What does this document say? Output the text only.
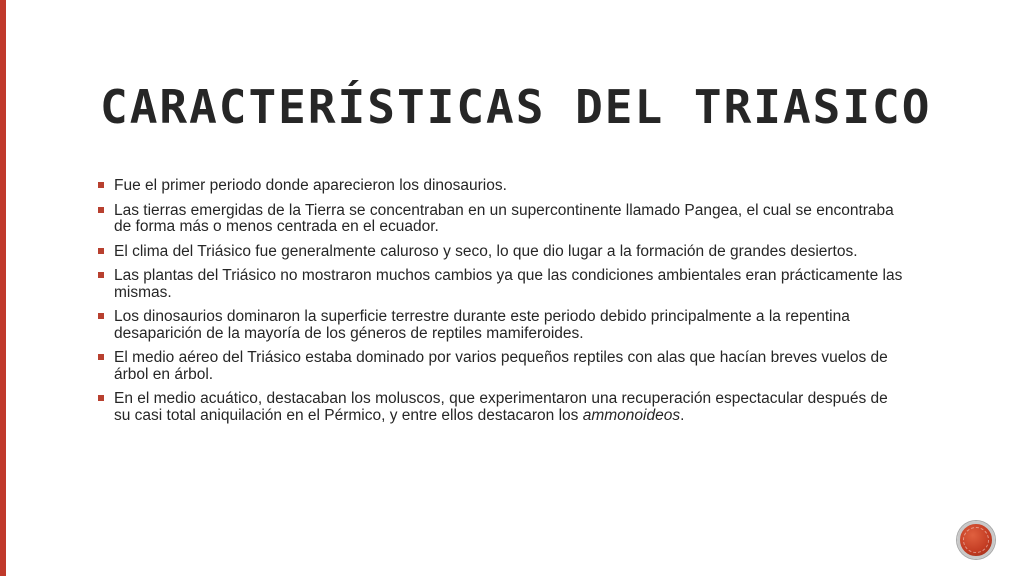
CARACTERÍSTICAS DEL TRIASICO
Fue el primer periodo donde aparecieron los dinosaurios.
Las tierras emergidas de la Tierra se concentraban en un supercontinente llamado Pangea, el cual se encontraba de forma más o menos centrada en el ecuador.
El clima del Triásico fue generalmente caluroso y seco, lo que dio lugar a la formación de grandes desiertos.
Las plantas del Triásico no mostraron muchos cambios ya que las condiciones ambientales eran prácticamente las mismas.
Los dinosaurios dominaron la superficie terrestre durante este periodo debido principalmente a la repentina desaparición de la mayoría de los géneros de reptiles mamiferoides.
El medio aéreo del Triásico estaba dominado por varios pequeños reptiles con alas que hacían breves vuelos de árbol en árbol.
En el medio acuático, destacaban los moluscos, que experimentaron una recuperación espectacular después de su casi total aniquilación en el Pérmico, y entre ellos destacaron los ammonoideos.
